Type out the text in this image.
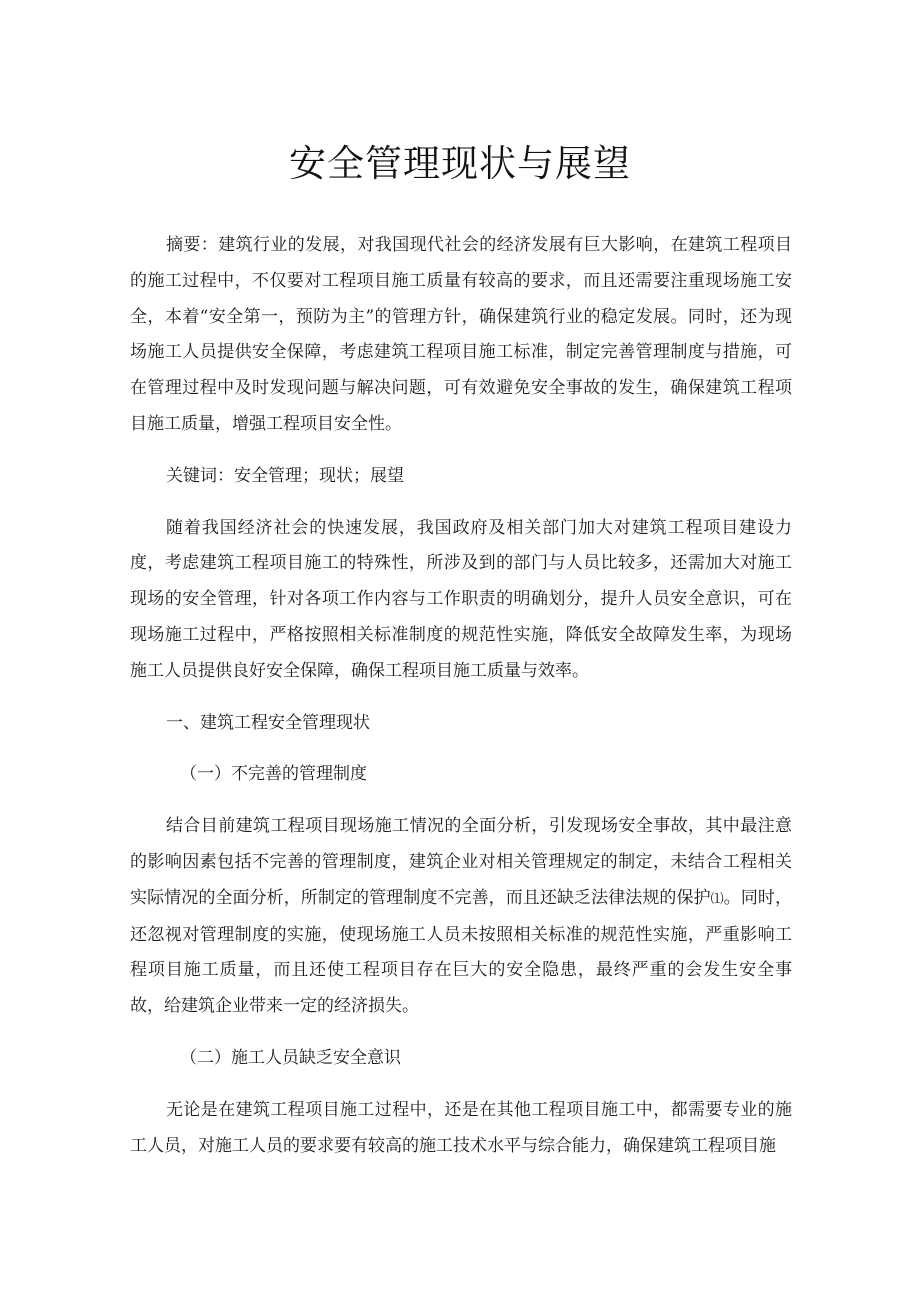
安全管理现状与展望

摘要：建筑行业的发展，对我国现代社会的经济发展有巨大影响，在建筑工程项目的施工过程中，不仅要对工程项目施工质量有较高的要求，而且还需要注重现场施工安全，本着“安全第一，预防为主”的管理方针，确保建筑行业的稳定发展。同时，还为现场施工人员提供安全保障，考虑建筑工程项目施工标准，制定完善管理制度与措施，可在管理过程中及时发现问题与解决问题，可有效避免安全事故的发生，确保建筑工程项目施工质量，增强工程项目安全性。

关键词：安全管理；现状；展望

随着我国经济社会的快速发展，我国政府及相关部门加大对建筑工程项目建设力度，考虑建筑工程项目施工的特殊性，所涉及到的部门与人员比较多，还需加大对施工现场的安全管理，针对各项工作内容与工作职责的明确划分，提升人员安全意识，可在现场施工过程中，严格按照相关标准制度的规范性实施，降低安全故障发生率，为现场施工人员提供良好安全保障，确保工程项目施工质量与效率。

一、建筑工程安全管理现状

（一）不完善的管理制度

结合目前建筑工程项目现场施工情况的全面分析，引发现场安全事故，其中最注意的影响因素包括不完善的管理制度，建筑企业对相关管理规定的制定，未结合工程相关实际情况的全面分析，所制定的管理制度不完善，而且还缺乏法律法规的保护⑴。同时，还忽视对管理制度的实施，使现场施工人员未按照相关标准的规范性实施，严重影响工程项目施工质量，而且还使工程项目存在巨大的安全隐患，最终严重的会发生安全事故，给建筑企业带来一定的经济损失。

（二）施工人员缺乏安全意识

无论是在建筑工程项目施工过程中，还是在其他工程项目施工中，都需要专业的施工人员，对施工人员的要求要有较高的施工技术水平与综合能力，确保建筑工程项目施
